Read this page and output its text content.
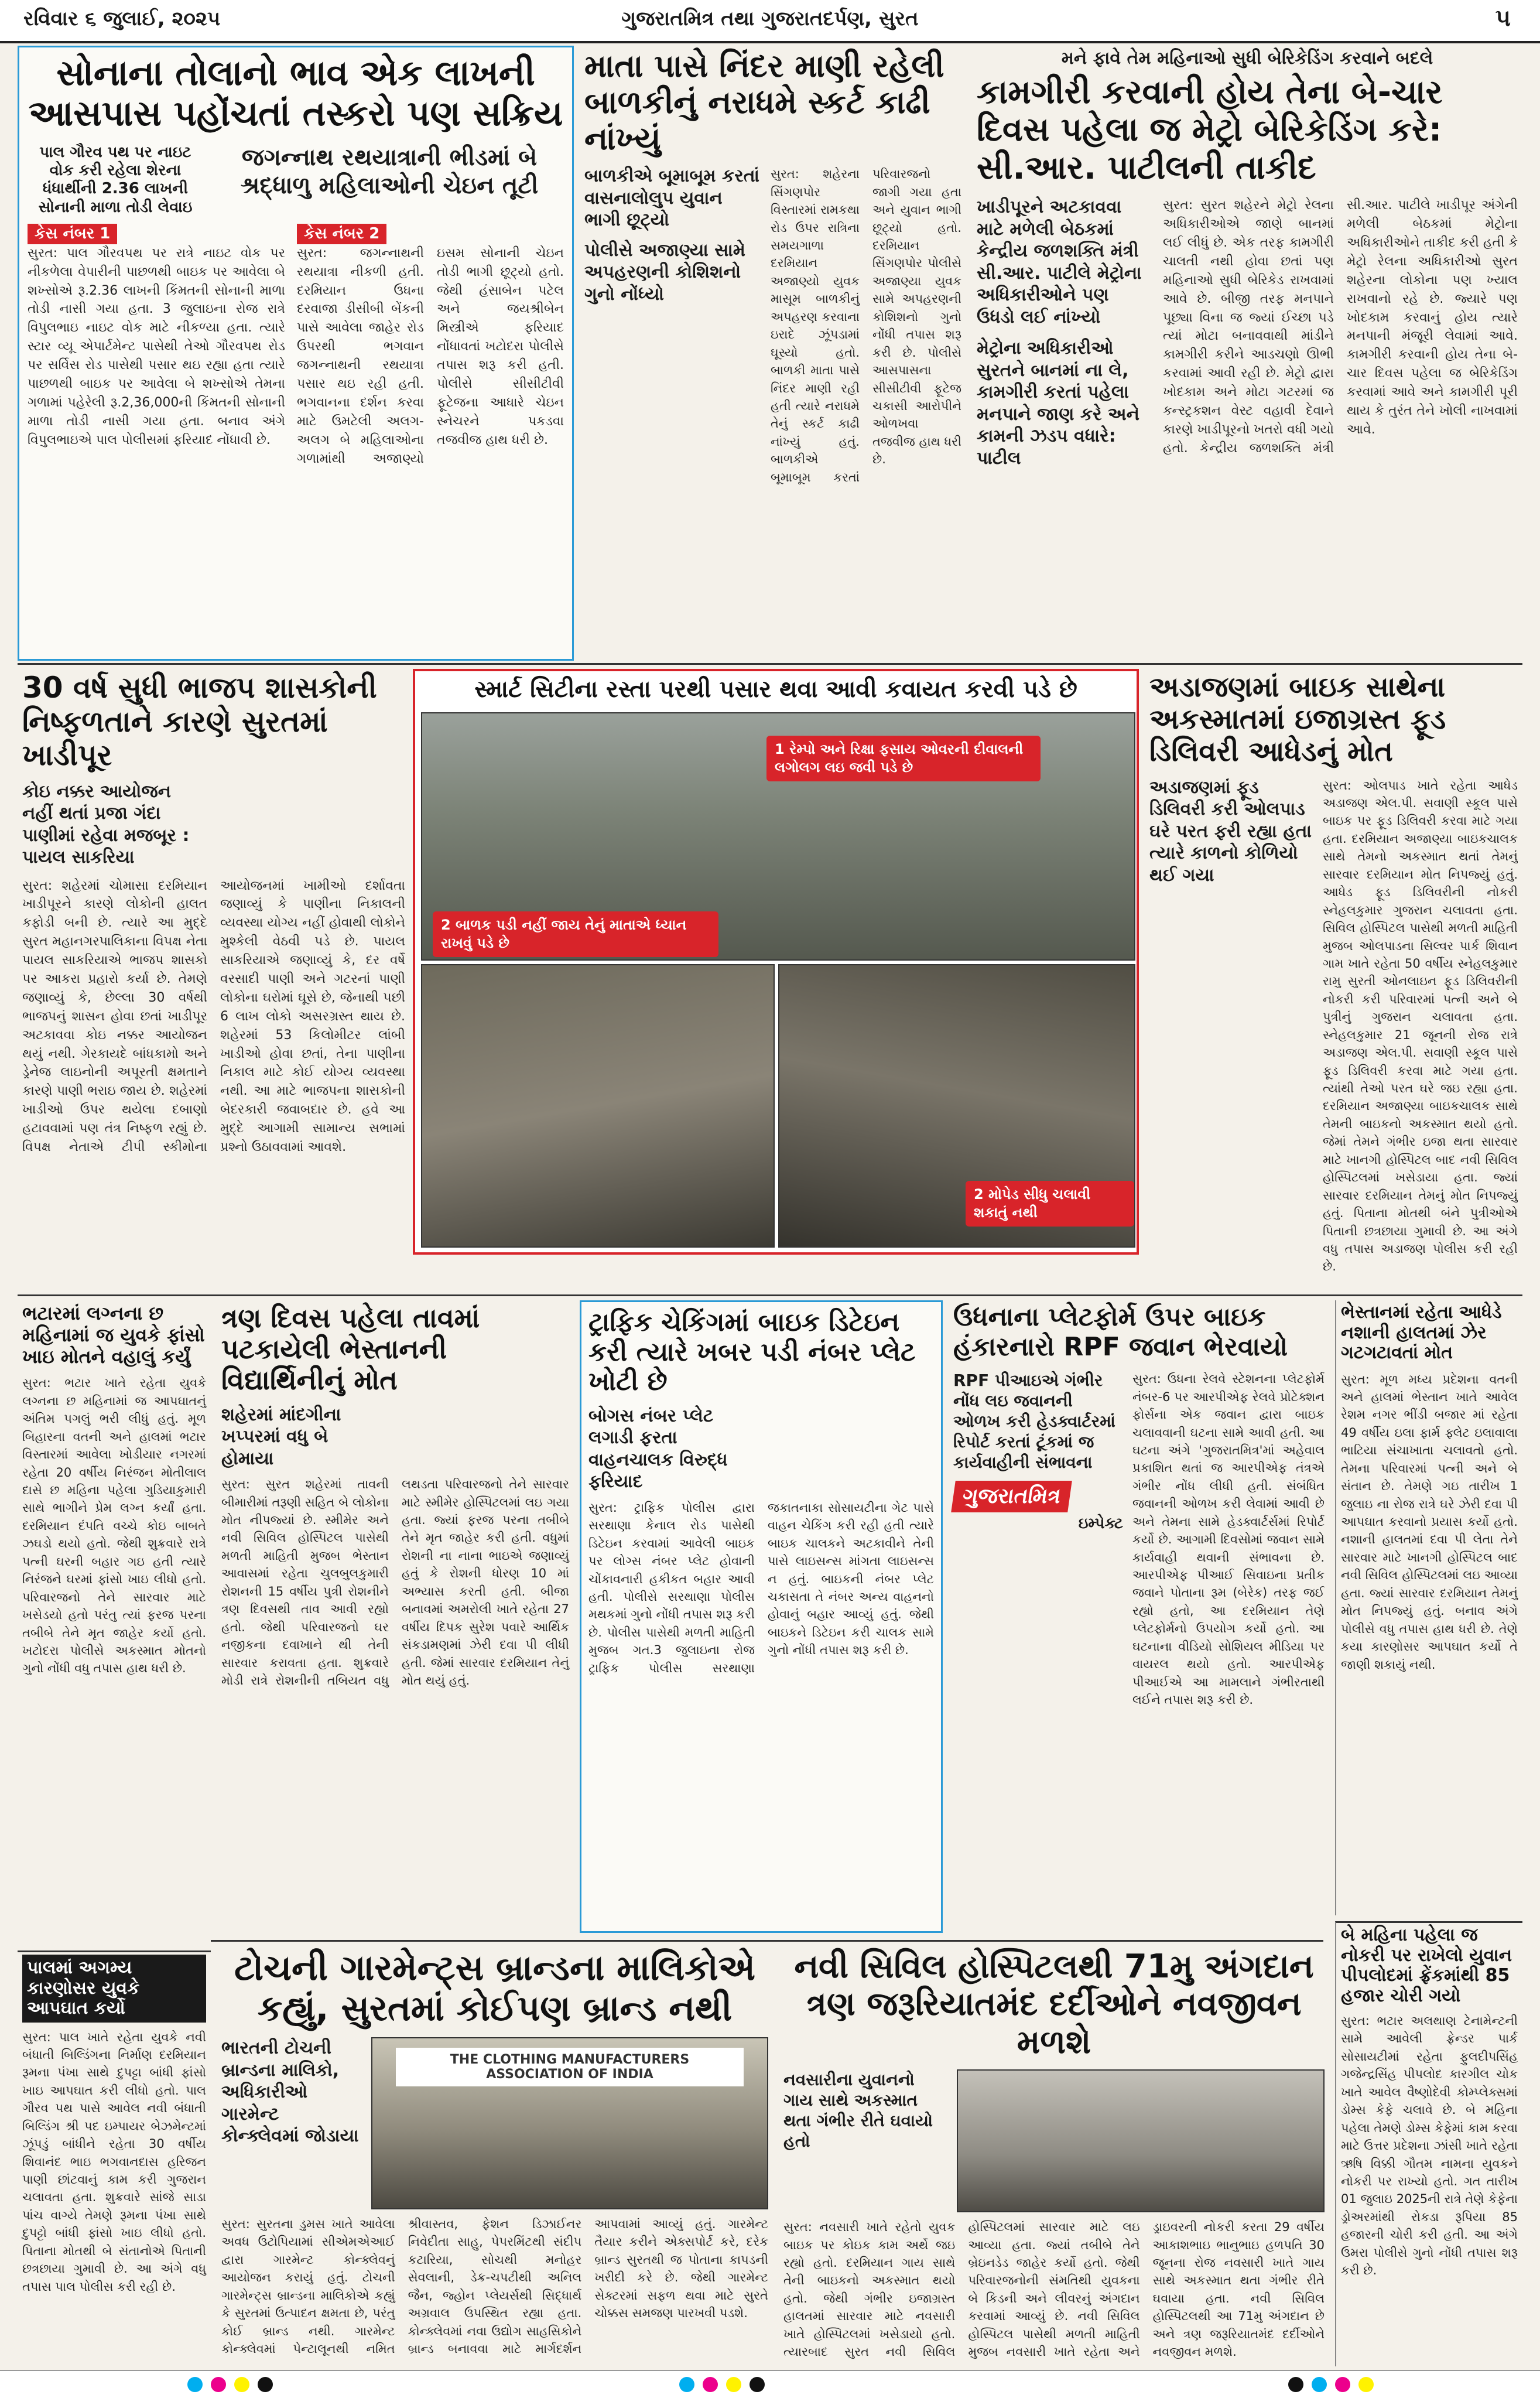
રવિવાર ૬ જુલાઈ, ૨૦૨૫	ગુજરાતમિત્ર તથા ગુજરાતદર્પણ, સુરત	૫
સોનાના તોલાનો ભાવ એક લાખની આસપાસ પહોંચતાં તસ્કરો પણ સક્રિય

પાલ ગૌરવ પથ પર નાઇટ વોક કરી રહેલા શેરના ધંધાર્થીની 2.36 લાખની સોનાની માળા તોડી લેવાઇ

જગન્નાથ રથયાત્રાની ભીડમાં બે શ્રદ્ધાળુ મહિલાઓની ચેઇન તૂટી

કેસ નંબર 1

સુરત: પાલ ગૌરવપથ પર રાત્રે નાઇટ વોક પર નીકળેલા વેપારીની પાછળથી બાઇક પર આવેલા બે શખ્સોએ રૂ.2.36 લાખની કિંમતની સોનાની માળા તોડી નાસી ગયા હતા. 3 જુલાઇના રોજ રાત્રે વિપુલભાઇ નાઇટ વોક માટે નીકળ્યા હતા. ત્યારે સ્ટાર વ્યૂ એપાર્ટમેન્ટ પાસેથી તેઓ ગૌરવપથ રોડ પર સર્વિસ રોડ પાસેથી પસાર થઇ રહ્યા હતા ત્યારે પાછળથી બાઇક પર આવેલા બે શખ્સોએ તેમના ગળામાં પહેરેલી રૂ.2,36,000ની કિંમતની સોનાની માળા તોડી નાસી ગયા હતા. બનાવ અંગે વિપુલભાઇએ પાલ પોલીસમાં ફરિયાદ નોંધાવી છે.

કેસ નંબર 2

સુરત: જગન્નાથની રથયાત્રા નીકળી હતી. દરમિયાન ઉધના દરવાજા ડીસીબી બેંકની પાસે આવેલા જાહેર રોડ ઉપરથી ભગવાન જગન્નાથની રથયાત્રા પસાર થઇ રહી હતી. ભગવાનના દર્શન કરવા માટે ઉમટેલી અલગ-અલગ બે મહિલાઓના ગળામાંથી અજાણ્યો ઇસમ સોનાની ચેઇન તોડી ભાગી છૂટ્યો હતો. જેથી હંસાબેન પટેલ અને જયશ્રીબેન મિસ્ત્રીએ ફરિયાદ નોંધાવતાં ખટોદરા પોલીસે તપાસ શરૂ કરી હતી. પોલીસે સીસીટીવી ફૂટેજના આધારે ચેઇન સ્નેચરને પકડવા તજવીજ હાથ ધરી છે.

માતા પાસે નિંદર માણી રહેલી બાળકીનું નરાધમે સ્કર્ટ કાઢી નાંખ્યું

બાળકીએ બૂમાબૂમ કરતાં વાસનાલોલુપ યુવાન ભાગી છૂટ્યો

પોલીસે અજાણ્યા સામે અપહરણની કોશિશનો ગુનો નોંધ્યો

સુરત: શહેરના સિંગણપોર વિસ્તારમાં રામકથા રોડ ઉપર રાત્રિના સમયગાળા દરમિયાન અજાણ્યો યુવક માસૂમ બાળકીનું અપહરણ કરવાના ઇરાદે ઝૂંપડામાં ઘૂસ્યો હતો. બાળકી માતા પાસે નિંદર માણી રહી હતી ત્યારે નરાધમે તેનું સ્કર્ટ કાઢી નાંખ્યું હતું. બાળકીએ બૂમાબૂમ કરતાં પરિવારજનો જાગી ગયા હતા અને યુવાન ભાગી છૂટ્યો હતો. દરમિયાન સિંગણપોર પોલીસે અજાણ્યા યુવક સામે અપહરણની કોશિશનો ગુનો નોંધી તપાસ શરૂ કરી છે. પોલીસે આસપાસના સીસીટીવી ફૂટેજ ચકાસી આરોપીને ઓળખવા તજવીજ હાથ ધરી છે.

મને ફાવે તેમ મહિનાઓ સુધી બેરિકેડિંગ કરવાને બદલે

કામગીરી કરવાની હોય તેના બે-ચાર દિવસ પહેલા જ મેટ્રો બેરિકેડિંગ કરે: સી.આર. પાટીલની તાકીદ

ખાડીપૂરને અટકાવવા માટે મળેલી બેઠકમાં કેન્દ્રીય જળશક્તિ મંત્રી સી.આર. પાટીલે મેટ્રોના અધિકારીઓને પણ ઉધડો લઈ નાંખ્યો

મેટ્રોના અધિકારીઓ સુરતને બાનમાં ના લે, કામગીરી કરતાં પહેલા મનપાને જાણ કરે અને કામની ઝડપ વધારે: પાટીલ

સુરત: સુરત શહેરને મેટ્રો રેલના અધિકારીઓએ જાણે બાનમાં લઈ લીધું છે. એક તરફ કામગીરી ચાલતી નથી હોવા છતાં પણ મહિનાઓ સુધી બેરિકેડ રાખવામાં આવે છે. બીજી તરફ મનપાને પૂછ્યા વિના જ જ્યાં ઈચ્છા પડે ત્યાં મોટા બનાવવાથી માંડીને કામગીરી કરીને આડચણો ઊભી કરવામાં આવી રહી છે. મેટ્રો દ્વારા ખોદકામ અને મોટા ગટરમાં જ કન્સ્ટ્રકશન વેસ્ટ વહાવી દેવાને કારણે ખાડીપૂરનો ખતરો વધી ગયો હતો. કેન્દ્રીય જળશક્તિ મંત્રી સી.આર. પાટીલે ખાડીપૂર અંગેની મળેલી બેઠકમાં મેટ્રોના અધિકારીઓને તાકીદ કરી હતી કે મેટ્રો રેલના અધિકારીઓ સુરત શહેરના લોકોના પણ ખ્યાલ રાખવાનો રહે છે. જ્યારે પણ ખોદકામ કરવાનું હોય ત્યારે મનપાની મંજૂરી લેવામાં આવે. કામગીરી કરવાની હોય તેના બે-ચાર દિવસ પહેલા જ બેરિકેડિંગ કરવામાં આવે અને કામગીરી પૂરી થાય કે તુરંત તેને ખોલી નાખવામાં આવે.

30 વર્ષ સુધી ભાજપ શાસકોની નિષ્ફળતાને કારણે સુરતમાં ખાડીપૂર

કોઇ નક્કર આયોજન નહીં થતાં પ્રજા ગંદા પાણીમાં રહેવા મજબૂર : પાયલ સાકરિયા

સુરત: શહેરમાં ચોમાસા દરમિયાન ખાડીપૂરને કારણે લોકોની હાલત કફોડી બની છે. ત્યારે આ મુદ્દે સુરત મહાનગરપાલિકાના વિપક્ષ નેતા પાયલ સાકરિયાએ ભાજપ શાસકો પર આકરા પ્રહારો કર્યા છે. તેમણે જણાવ્યું કે, છેલ્લા 30 વર્ષથી ભાજપનું શાસન હોવા છતાં ખાડીપૂર અટકાવવા કોઇ નક્કર આયોજન થયું નથી. ગેરકાયદે બાંધકામો અને ડ્રેનેજ લાઇનોની અપૂરતી ક્ષમતાને કારણે પાણી ભરાઇ જાય છે. શહેરમાં ખાડીઓ ઉપર થયેલા દબાણો હટાવવામાં પણ તંત્ર નિષ્ફળ રહ્યું છે. વિપક્ષ નેતાએ ટીપી સ્કીમોના આયોજનમાં ખામીઓ દર્શાવતા જણાવ્યું કે પાણીના નિકાલની વ્યવસ્થા યોગ્ય નહીં હોવાથી લોકોને મુશ્કેલી વેઠવી પડે છે. પાયલ સાકરિયાએ જણાવ્યું કે, દર વર્ષે વરસાદી પાણી અને ગટરનાં પાણી લોકોના ઘરોમાં ઘૂસે છે, જેનાથી પછી 6 લાખ લોકો અસરગ્રસ્ત થાય છે. શહેરમાં 53 કિલોમીટર લાંબી ખાડીઓ હોવા છતાં, તેના પાણીના નિકાલ માટે કોઈ યોગ્ય વ્યવસ્થા નથી. આ માટે ભાજપના શાસકોની બેદરકારી જવાબદાર છે. હવે આ મુદ્દે આગામી સામાન્ય સભામાં પ્રશ્નો ઉઠાવવામાં આવશે.

સ્માર્ટ સિટીના રસ્તા પરથી પસાર થવા આવી કવાયત કરવી પડે છે
1 રેમ્પો અને રિક્ષા ફસાય ઓવરની દીવાલની લગોલગ લઇ જવી પડે છે
2 બાળક પડી નહીં જાય તેનું માતાએ ધ્યાન રાખવું પડે છે
2 મોપેડ સીધુ ચલાવી શકાતું નથી
અડાજણમાં બાઇક સાથેના અકસ્માતમાં ઇજાગ્રસ્ત ફૂડ ડિલિવરી આધેડનું મોત

અડાજણમાં ફૂડ ડિલિવરી કરી ઓલપાડ ઘરે પરત ફરી રહ્યા હતા ત્યારે કાળનો કોળિયો થઈ ગયા

સુરત: ઓલપાડ ખાતે રહેતા આધેડ અડાજણ એલ.પી. સવાણી સ્કૂલ પાસે બાઇક પર ફૂડ ડિલિવરી કરવા માટે ગયા હતા. દરમિયાન અજાણ્યા બાઇકચાલક સાથે તેમનો અકસ્માત થતાં તેમનું સારવાર દરમિયાન મોત નિપજ્યું હતું. આધેડ ફૂડ ડિલિવરીની નોકરી સ્નેહલકુમાર ગુજરાન ચલાવતા હતા. સિવિલ હોસ્પિટલ પાસેથી મળતી માહિતી મુજબ ઓલપાડના સિલ્વર પાર્ક શિવાન ગામ ખાતે રહેતા 50 વર્ષીય સ્નેહલકુમાર રામુ સુરતી ઓનલાઇન ફૂડ ડિલિવરીની નોકરી કરી પરિવારમાં પત્ની અને બે પુત્રીનું ગુજરાન ચલાવતા હતા. સ્નેહલકુમાર 21 જૂનની રોજ રાત્રે અડાજણ એલ.પી. સવાણી સ્કૂલ પાસે ફૂડ ડિલિવરી કરવા માટે ગયા હતા. ત્યાંથી તેઓ પરત ઘરે જઇ રહ્યા હતા. દરમિયાન અજાણ્યા બાઇકચાલક સાથે તેમની બાઇકનો અકસ્માત થયો હતો. જેમાં તેમને ગંભીર ઇજા થતા સારવાર માટે ખાનગી હોસ્પિટલ બાદ નવી સિવિલ હોસ્પિટલમાં ખસેડાયા હતા. જ્યાં સારવાર દરમિયાન તેમનું મોત નિપજ્યું હતું. પિતાના મોતથી બંને પુત્રીઓએ પિતાની છત્રછાયા ગુમાવી છે. આ અંગે વધુ તપાસ અડાજણ પોલીસ કરી રહી છે.

ભટારમાં લગ્નના છ મહિનામાં જ યુવકે ફાંસો ખાઇ મોતને વહાલું કર્યું

સુરત: ભટાર ખાતે રહેતા યુવકે લગ્નના છ મહિનામાં જ આપઘાતનું અંતિમ પગલું ભરી લીધું હતું. મૂળ બિહારના વતની અને હાલમાં ભટાર વિસ્તારમાં આવેલા ખોડીયાર નગરમાં રહેતા 20 વર્ષીય નિરંજન મોતીલાલ દાસે છ મહિના પહેલા ગુડિયાકુમારી સાથે ભાગીને પ્રેમ લગ્ન કર્યાં હતા. દરમિયાન દંપતિ વચ્ચે કોઇ બાબતે ઝઘડો થયો હતો. જેથી શુક્રવારે રાત્રે પત્ની ઘરની બહાર ગઇ હતી ત્યારે નિરંજને ઘરમાં ફાંસો ખાઇ લીધો હતો. પરિવારજનો તેને સારવાર માટે ખસેડયો હતો પરંતુ ત્યાં ફરજ પરના તબીબે તેને મૃત જાહેર કર્યો હતો. ખટોદરા પોલીસે અકસ્માત મોતનો ગુનો નોંધી વધુ તપાસ હાથ ધરી છે.

ત્રણ દિવસ પહેલા તાવમાં પટકાયેલી ભેસ્તાનની વિદ્યાર્થિનીનું મોત

શહેરમાં માંદગીના ખપ્પરમાં વધુ બે હોમાયા

સુરત: સુરત શહેરમાં તાવની બીમારીમાં તરૂણી સહિત બે લોકોના મોત નીપજ્યાં છે. સ્મીમેર અને નવી સિવિલ હોસ્પિટલ પાસેથી મળતી માહિતી મુજબ ભેસ્તાન આવાસમાં રહેતા ચુલબુલકુમારી રોશનની 15 વર્ષીય પુત્રી રોશનીને ત્રણ દિવસથી તાવ આવી રહ્યો હતો. જેથી પરિવારજનો ઘર નજીકના દવાખાને થી તેની સારવાર કરાવતા હતા. શુક્રવારે મોડી રાત્રે રોશનીની તબિયત વધુ લથડતા પરિવારજનો તેને સારવાર માટે સ્મીમેર હોસ્પિટલમાં લઇ ગયા હતા. જ્યાં ફરજ પરના તબીબે તેને મૃત જાહેર કરી હતી. વધુમાં રોશની ના નાના ભાઇએ જણાવ્યું હતું કે રોશની ધોરણ 10 માં અભ્યાસ કરતી હતી. બીજા બનાવમાં અમરોલી ખાતે રહેતા 27 વર્ષીય દિપક સુરેશ પવારે આર્થિક સંકડામણમાં ઝેરી દવા પી લીધી હતી. જેમાં સારવાર દરમિયાન તેનું મોત થયું હતું.

ટ્રાફિક ચેકિંગમાં બાઇક ડિટેઇન કરી ત્યારે ખબર પડી નંબર પ્લેટ ખોટી છે

બોગસ નંબર પ્લેટ લગાડી ફરતા વાહનચાલક વિરુદ્ધ ફરિયાદ

સુરત: ટ્રાફિક પોલીસ દ્વારા સરથાણા કેનાલ રોડ પાસેથી ડિટેઇન કરવામાં આવેલી બાઇક પર લોગ્સ નંબર પ્લેટ હોવાની ચોંકાવનારી હકીકત બહાર આવી હતી. પોલીસે સરથાણા પોલીસ મથકમાં ગુનો નોંધી તપાસ શરૂ કરી છે. પોલીસ પાસેથી મળતી માહિતી મુજબ ગત.3 જુલાઇના રોજ ટ્રાફિક પોલીસ સરથાણા જકાતનાકા સોસાયટીના ગેટ પાસે વાહન ચેકિંગ કરી રહી હતી ત્યારે બાઇક ચાલકને અટકાવીને તેની પાસે લાઇસન્સ માંગતા લાઇસન્સ ન હતું. બાઇકની નંબર પ્લેટ ચકાસતા તે નંબર અન્ય વાહનનો હોવાનું બહાર આવ્યું હતું. જેથી બાઇકને ડિટેઇન કરી ચાલક સામે ગુનો નોંધી તપાસ શરૂ કરી છે.

ઉધનાના પ્લેટફોર્મ ઉપર બાઇક હંકારનારો RPF જવાન ભેરવાયો

RPF પીઆઇએ ગંભીર નોંધ લઇ જવાનની ઓળખ કરી હેડક્વાર્ટરમાં રિપોર્ટ કરતાં ટૂંકમાં જ કાર્યવાહીની સંભાવના

ગુજરાતમિત્ર
ઇમ્પેક્ટ

સુરત: ઉધના રેલવે સ્ટેશનના પ્લેટફોર્મ નંબર-6 પર આરપીએફ રેલવે પ્રોટેક્શન ફોર્સના એક જવાન દ્વારા બાઇક ચલાવવાની ઘટના સામે આવી હતી. આ ઘટના અંગે 'ગુજરાતમિત્ર'માં અહેવાલ પ્રકાશિત થતાં જ આરપીએફ તંત્રએ ગંભીર નોંધ લીધી હતી. સંબંધિત જવાનની ઓળખ કરી લેવામાં આવી છે અને તેમના સામે હેડક્વાર્ટર્સમાં રિપોર્ટ કર્યો છે. આગામી દિવસોમાં જવાન સામે કાર્યવાહી થવાની સંભાવના છે. આરપીએફ પીઆઈ સિવાઇના પ્રતીક જવાને પોતાના રૂમ (બેરેક) તરફ જઈ રહ્યો હતો, આ દરમિયાન તેણે પ્લેટફોર્મનો ઉપયોગ કર્યો હતો. આ ઘટનાના વીડિયો સોશિયલ મીડિયા પર વાયરલ થયો હતો. આરપીએફ પીઆઈએ આ મામલાને ગંભીરતાથી લઈને તપાસ શરૂ કરી છે.

ભેસ્તાનમાં રહેતા આધેડે નશાની હાલતમાં ઝેર ગટગટાવતાં મોત

સુરત: મૂળ મધ્ય પ્રદેશના વતની અને હાલમાં ભેસ્તાન ખાતે આવેલ રેશમ નગર ભીંડી બજાર માં રહેતા 49 વર્ષીય ઇલા ફાર્મ ફ્લેટ ઇલાવાલા ભાટિયા સંચાખાતા ચલાવતો હતો. તેમના પરિવારમાં પત્ની અને બે સંતાન છે. તેમણે ગઇ તારીખ 1 જુલાઇ ના રોજ રાત્રે ઘરે ઝેરી દવા પી આપઘાત કરવાનો પ્રયાસ કર્યો હતો. નશાની હાલતમાં દવા પી લેતા તેને સારવાર માટે ખાનગી હોસ્પિટલ બાદ નવી સિવિલ હોસ્પિટલમાં લઇ આવ્યા હતા. જ્યાં સારવાર દરમિયાન તેમનું મોત નિપજ્યું હતું. બનાવ અંગે પોલીસે વધુ તપાસ હાથ ધરી છે. તેણે કયા કારણોસર આપઘાત કર્યો તે જાણી શકાયું નથી.

ટોચની ગારમેન્ટ્સ બ્રાન્ડના માલિકોએ કહ્યું, સુરતમાં કોઈપણ બ્રાન્ડ નથી

ભારતની ટોચની બ્રાન્ડના માલિકો, અધિકારીઓ ગારમેન્ટ કોન્ક્લેવમાં જોડાયા

THE CLOTHING MANUFACTURERS ASSOCIATION OF INDIA

સુરત: સુરતના ડુમસ ખાતે આવેલા અવધ ઉટોપિયામાં સીએમએઆઈ દ્વારા ગારમેન્ટ કોન્ક્લેવનું આયોજન કરાયું હતું. ટોચની ગારમેન્ટ્સ બ્રાન્ડના માલિકોએ કહ્યું કે સુરતમાં ઉત્પાદન ક્ષમતા છે, પરંતુ કોઈ બ્રાન્ડ નથી. ગારમેન્ટ કોન્ક્લેવમાં પેન્ટાલૂનથી નમિત શ્રીવાસ્તવ, ફેશન ડિઝાઈનર નિવેદીતા સાહુ, પેપરમિંટથી સંદીપ કટારિયા, સોચથી મનોહર સેવલાની, ડેક્ર-ચપટીથી અનિલ જૈન, જ્હોન પ્લેયર્સથી સિદ્ધાર્થ અગ્રવાલ ઉપસ્થિત રહ્યા હતા. કોન્ક્લેવમાં નવા ઉદ્યોગ સાહસિકોને બ્રાન્ડ બનાવવા માટે માર્ગદર્શન આપવામાં આવ્યું હતું. ગારમેન્ટ તૈયાર કરીને એક્સપોર્ટ કરે, દરેક બ્રાન્ડ સુરતથી જ પોતાના કાપડની ખરીદી કરે છે. જેથી ગારમેન્ટ સેક્ટરમાં સફળ થવા માટે સુરતે ચોક્કસ સમજણ પારખવી પડશે.

નવી સિવિલ હોસ્પિટલથી 71મુ અંગદાન ત્રણ જરૂરિયાતમંદ દર્દીઓને નવજીવન મળશે

નવસારીના યુવાનનો ગાય સાથે અકસ્માત થતા ગંભીર રીતે ઘવાયો હતો

સુરત: નવસારી ખાતે રહેતો યુવક બાઇક પર કોઇક કામ અર્થે જઇ રહ્યો હતો. દરમિયાન ગાય સાથે તેની બાઇકનો અકસ્માત થયો હતો. જેથી ગંભીર ઇજાગ્રસ્ત હાલતમાં સારવાર માટે નવસારી ખાતે હોસ્પિટલમાં ખસેડાયો હતો. ત્યારબાદ સુરત નવી સિવિલ હોસ્પિટલમાં સારવાર માટે લઇ આવ્યા હતા. જ્યાં તબીબે તેને બ્રેઇનડેડ જાહેર કર્યો હતો. જેથી પરિવારજનોની સંમતિથી યુવકના બે કિડની અને લીવરનું અંગદાન કરવામાં આવ્યું છે. નવી સિવિલ હોસ્પિટલ પાસેથી મળતી માહિતી મુજબ નવસારી ખાતે રહેતા અને ડ્રાઇવરની નોકરી કરતા 29 વર્ષીય આકાશભાઇ ભાનુભાઇ હળપતિ 30 જૂનના રોજ નવસારી ખાતે ગાય સાથે અકસ્માત થતા ગંભીર રીતે ઘવાયા હતા. નવી સિવિલ હોસ્પિટલથી આ 71મુ અંગદાન છે અને ત્રણ જરૂરિયાતમંદ દર્દીઓને નવજીવન મળશે.

પાલમાં અગમ્ય કારણોસર યુવકે આપઘાત કર્યો

સુરત: પાલ ખાતે રહેતા યુવકે નવી બંધાતી બિલ્ડિંગના નિર્માણ દરમિયાન રૂમના પંખા સાથે દુપટ્ટા બાંધી ફાંસો ખાઇ આપઘાત કરી લીધો હતો. પાલ ગૌરવ પથ પાસે આવેલ નવી બંધાતી બિલ્ડિંગ શ્રી પદ ઇમ્પાયર બેઝમેન્ટમાં ઝૂંપડું બાંધીને રહેતા 30 વર્ષીય શિવાનંદ ભાઇ ભગવાનદાસ હરિજન પાણી છાંટવાનું કામ કરી ગુજરાન ચલાવતા હતા. શુક્રવારે સાંજે સાડા પાંચ વાગ્યે તેમણે રૂમના પંખા સાથે દુપટ્ટો બાંધી ફાંસો ખાઇ લીધો હતો. પિતાના મોતથી બે સંતાનોએ પિતાની છત્રછાયા ગુમાવી છે. આ અંગે વધુ તપાસ પાલ પોલીસ કરી રહી છે.

બે મહિના પહેલા જ નોકરી પર રાખેલો યુવાન પીપલોદમાં ફ્રેંકમાંથી 85 હજાર ચોરી ગયો

સુરત: ભટાર અલથાણ ટેનામેન્ટની સામે આવેલી ફ્રેન્ડર પાર્ક સોસાયટીમાં રહેતા ફુલદીપસિંહ ગજેન્દ્રસિંહ પીપલોદ કારગીલ ચોક ખાતે આવેલ વૈષ્ણોદેવી કોમ્પ્લેક્સમાં ડોમ્સ કેફે ચલાવે છે. બે મહિના પહેલા તેમણે ડોમ્સ કેફેમાં કામ કરવા માટે ઉત્તર પ્રદેશના ઝાંસી ખાતે રહેતા ઋષિ વિક્કી ગૌતમ નામના યુવકને નોકરી પર રાખ્યો હતો. ગત તારીખ 01 જુલાઇ 2025ની રાત્રે તેણે કેફેના ડ્રોઅરમાંથી રોકડા રૂપિયા 85 હજારની ચોરી કરી હતી. આ અંગે ઉમરા પોલીસે ગુનો નોંધી તપાસ શરૂ કરી છે.
